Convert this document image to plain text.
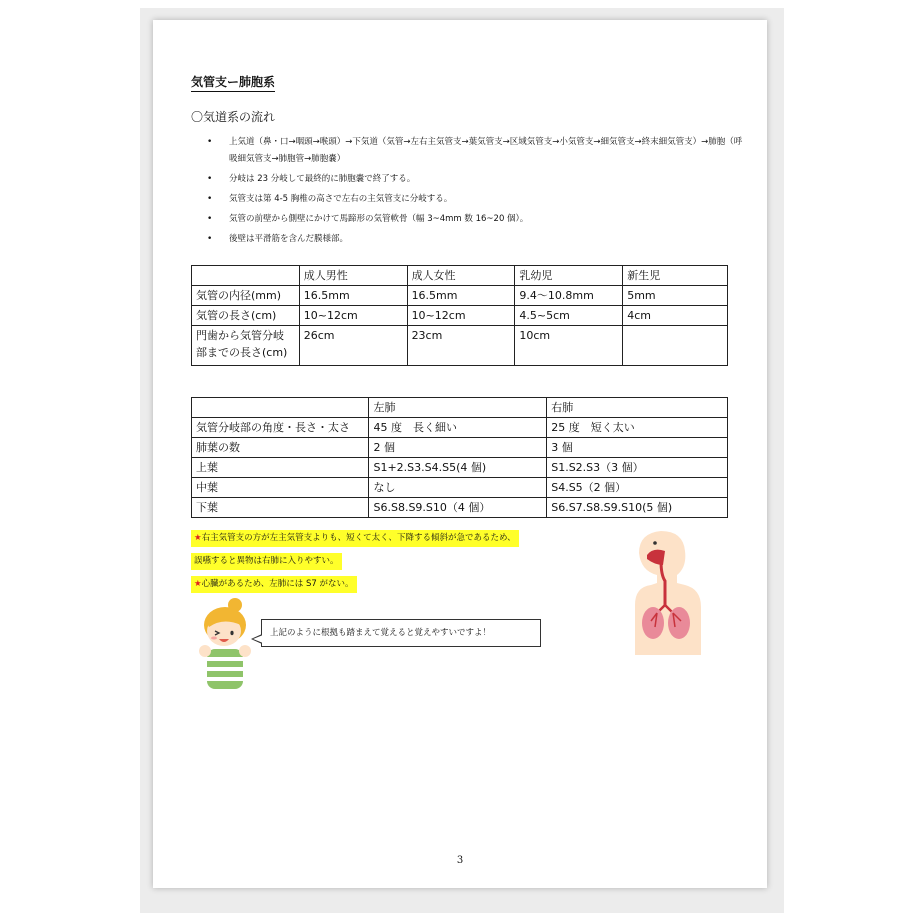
気管支ー肺胞系
〇気道系の流れ
• 上気道（鼻・口→咽頭→喉頭）→下気道（気管→左右主気管支→葉気管支→区域気管支→小気管支→細気管支→終末細気管支）→肺胞（呼吸細気管支→肺胞管→肺胞嚢）
• 分岐は 23 分岐して最終的に肺胞嚢で終了する。
• 気管支は第 4-5 胸椎の高さで左右の主気管支に分岐する。
• 気管の前壁から側壁にかけて馬蹄形の気管軟骨（幅 3~4mm 数 16~20 個）。
• 後壁は平滑筋を含んだ膜様部。
	成人男性	成人女性	乳幼児	新生児
気管の内径(mm)	16.5mm	16.5mm	9.4～10.8mm	5mm
気管の長さ(cm)	10~12cm	10~12cm	4.5~5cm	4cm
門歯から気管分岐部までの長さ(cm)	26cm	23cm	10cm	
	左肺	右肺
気管分岐部の角度・長さ・太さ	45 度　長く細い	25 度　短く太い
肺葉の数	2 個	3 個
上葉	S1+2.S3.S4.S5(4 個)	S1.S2.S3（3 個）
中葉	なし	S4.S5（2 個）
下葉	S6.S8.S9.S10（4 個）	S6.S7.S8.S9.S10(5 個)
★右主気管支の方が左主気管支よりも、短くて太く、下降する傾斜が急であるため、
誤嚥すると異物は右肺に入りやすい。
★心臓があるため、左肺には S7 がない。
上記のように根拠も踏まえて覚えると覚えやすいですよ！
3
